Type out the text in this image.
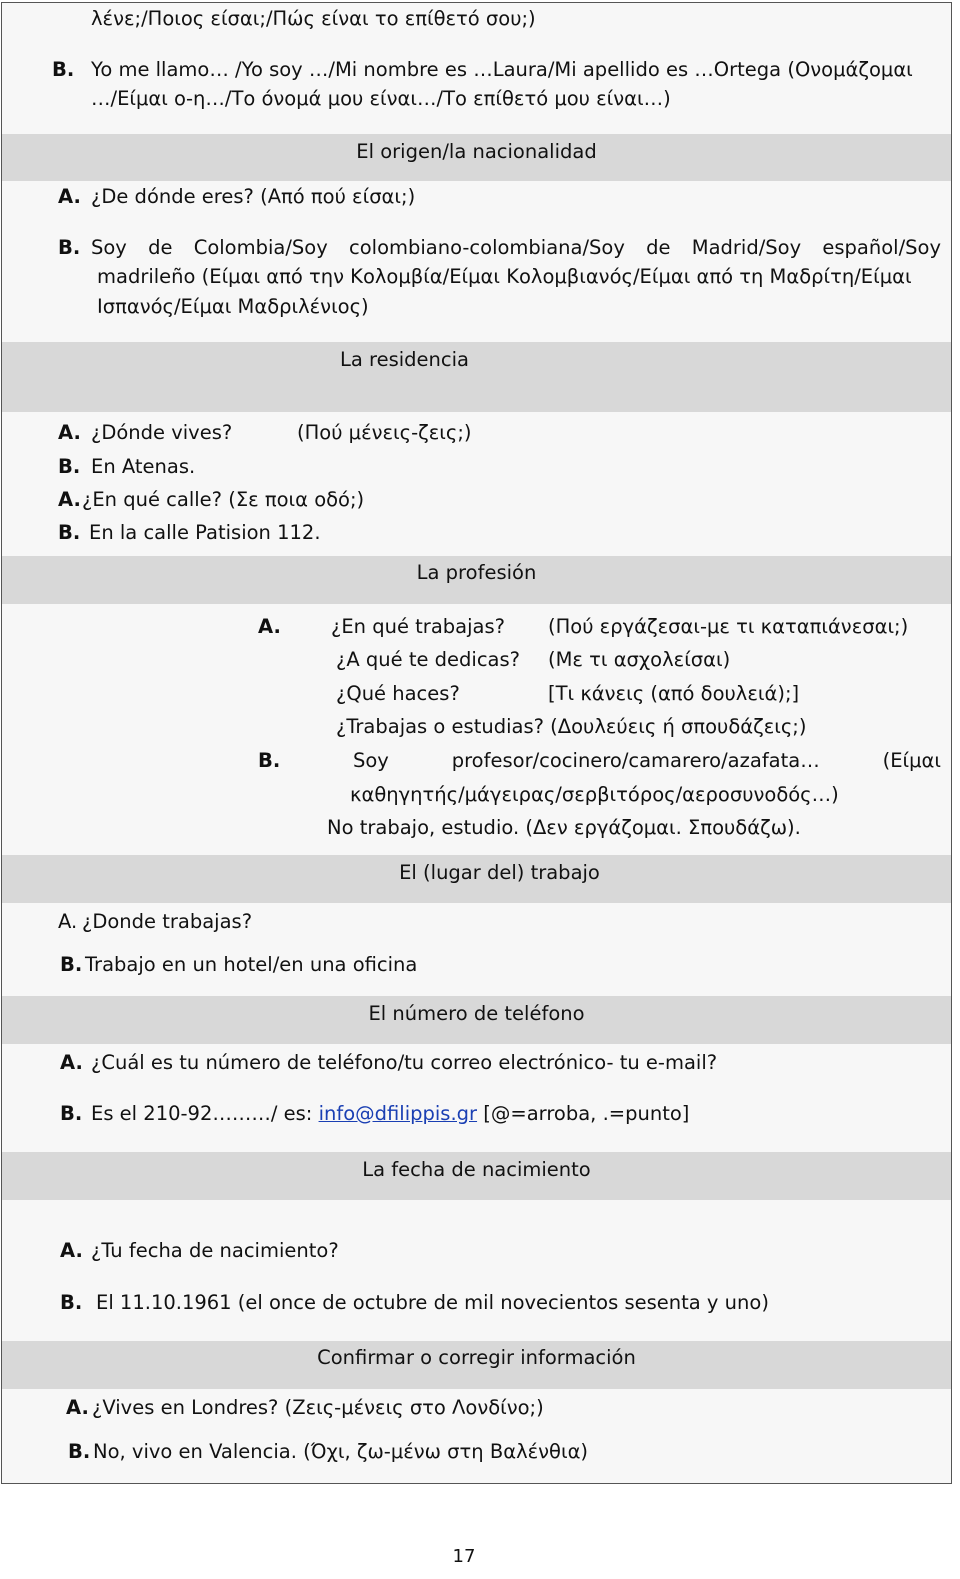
λένε;/Ποιος είσαι;/Πώς είναι το επίθετό σου;)
B. Yo me llamo… /Yo soy …/Mi nombre es …Laura/Mi apellido es …Ortega (Ονομάζομαι
…/Είμαι ο-η…/Το όνομά μου είναι…/Το επίθετό μου είναι…)
El origen/la nacionalidad
A. ¿De dónde eres? (Από πού είσαι;)
B. Soy de Colombia/Soy colombiano-colombiana/Soy de Madrid/Soy español/Soy
madrileño (Είμαι από την Κολομβία/Είμαι Κολομβιανός/Είμαι από τη Μαδρίτη/Είμαι
Ισπανός/Είμαι Μαδριλένιος)
La residencia
A. ¿Dónde vives?	(Πού μένεις-ζεις;)
B. En Atenas.
A. ¿En qué calle? (Σε ποια οδό;)
B. En la calle Patision 112.
La profesión
A.	¿En qué trabajas? (Πού εργάζεσαι-με τι καταπιάνεσαι;)
¿A qué te dedicas? (Με τι ασχολείσαι)
¿Qué haces?	[Τι κάνεις (από δουλειά);]
¿Trabajas o estudias? (Δουλεύεις ή σπουδάζεις;)
B.	Soy	profesor/cocinero/camarero/azafata…	(Είμαι
καθηγητής/μάγειρας/σερβιτόρος/αεροσυνοδός…)
No trabajo, estudio. (Δεν εργάζομαι. Σπουδάζω).
El (lugar del) trabajo
A. ¿Donde trabajas?
B. Trabajo en un hotel/en una oficina
El número de teléfono
A. ¿Cuál es tu número de teléfono/tu correo electrónico- tu e-mail?
B. Es el 210-92………/ es: info@dfilippis.gr [@=arroba, .=punto]
La fecha de nacimiento
A. ¿Tu fecha de nacimiento?
B. El 11.10.1961 (el once de octubre de mil novecientos sesenta y uno)
Confirmar o corregir información
A. ¿Vives en Londres? (Ζεις-μένεις στο Λονδίνο;)
B. No, vivo en Valencia. (Όχι, ζω-μένω στη Βαλένθια)
17
